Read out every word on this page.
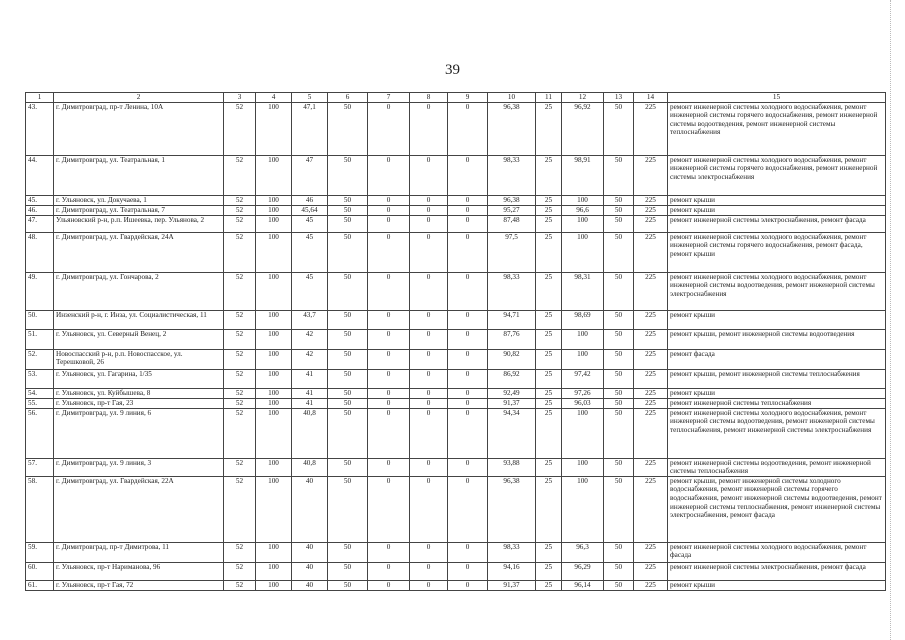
39
1	2	3	4	5	6	7	8	9	10	11	12	13	14	15
43.	г. Димитровград, пр-т Ленина, 10А	52	100	47,1	50	0	0	0	96,38	25	96,92	50	225	ремонт инженерной системы холодного водоснабжения, ремонт инженерной системы горячего водоснабжения, ремонт инженерной системы водоотведения, ремонт инженерной системы теплоснабжения
44.	г. Димитровград, ул. Театральная, 1	52	100	47	50	0	0	0	98,33	25	98,91	50	225	ремонт инженерной системы холодного водоснабжения, ремонт инженерной системы горячего водоснабжения, ремонт инженерной системы электроснабжения
45.	г. Ульяновск, ул. Докучаева, 1	52	100	46	50	0	0	0	96,38	25	100	50	225	ремонт крыши
46.	г. Димитровград, ул. Театральная, 7	52	100	45,64	50	0	0	0	95,27	25	96,6	50	225	ремонт крыши
47.	Ульяновский р-н, р.п. Ишеевка, пер. Ульянова, 2	52	100	45	50	0	0	0	87,48	25	100	50	225	ремонт инженерной системы электроснабжения, ремонт фасада
48.	г. Димитровград, ул. Гвардейская, 24А	52	100	45	50	0	0	0	97,5	25	100	50	225	ремонт инженерной системы холодного водоснабжения, ремонт инженерной системы горячего водоснабжения, ремонт фасада, ремонт крыши
49.	г. Димитровград, ул. Гончарова, 2	52	100	45	50	0	0	0	98,33	25	98,31	50	225	ремонт инженерной системы холодного водоснабжения, ремонт инженерной системы водоотведения, ремонт инженерной системы электроснабжения
50.	Инзенский р-н, г. Инза, ул. Социалистическая, 11	52	100	43,7	50	0	0	0	94,71	25	98,69	50	225	ремонт крыши
51.	г. Ульяновск, ул. Северный Венец, 2	52	100	42	50	0	0	0	87,76	25	100	50	225	ремонт крыши, ремонт инженерной системы водоотведения
52.	Новоспасский р-н, р.п. Новоспасское, ул. Терешковой, 26	52	100	42	50	0	0	0	90,82	25	100	50	225	ремонт фасада
53.	г. Ульяновск, ул. Гагарина, 1/35	52	100	41	50	0	0	0	86,92	25	97,42	50	225	ремонт крыши, ремонт инженерной системы теплоснабжения
54.	г. Ульяновск, ул. Куйбышева, 8	52	100	41	50	0	0	0	92,49	25	97,26	50	225	ремонт крыши
55.	г. Ульяновск, пр-т Гая, 23	52	100	41	50	0	0	0	91,37	25	96,03	50	225	ремонт инженерной системы теплоснабжения
56.	г. Димитровград, ул. 9 линия, 6	52	100	40,8	50	0	0	0	94,34	25	100	50	225	ремонт инженерной системы холодного водоснабжения, ремонт инженерной системы водоотведения, ремонт инженерной системы теплоснабжения, ремонт инженерной системы электроснабжения
57.	г. Димитровград, ул. 9 линия, 3	52	100	40,8	50	0	0	0	93,88	25	100	50	225	ремонт инженерной системы водоотведения, ремонт инженерной системы теплоснабжения
58.	г. Димитровград, ул. Гвардейская, 22А	52	100	40	50	0	0	0	96,38	25	100	50	225	ремонт крыши, ремонт инженерной системы холодного водоснабжения, ремонт инженерной системы горячего водоснабжения, ремонт инженерной системы водоотведения, ремонт инженерной системы теплоснабжения, ремонт инженерной системы электроснабжения, ремонт фасада
59.	г. Димитровград, пр-т Димитрова, 11	52	100	40	50	0	0	0	98,33	25	96,3	50	225	ремонт инженерной системы холодного водоснабжения, ремонт фасада
60.	г. Ульяновск, пр-т Нариманова, 96	52	100	40	50	0	0	0	94,16	25	96,29	50	225	ремонт инженерной системы электроснабжения, ремонт фасада
61.	г. Ульяновск, пр-т Гая, 72	52	100	40	50	0	0	0	91,37	25	96,14	50	225	ремонт крыши
